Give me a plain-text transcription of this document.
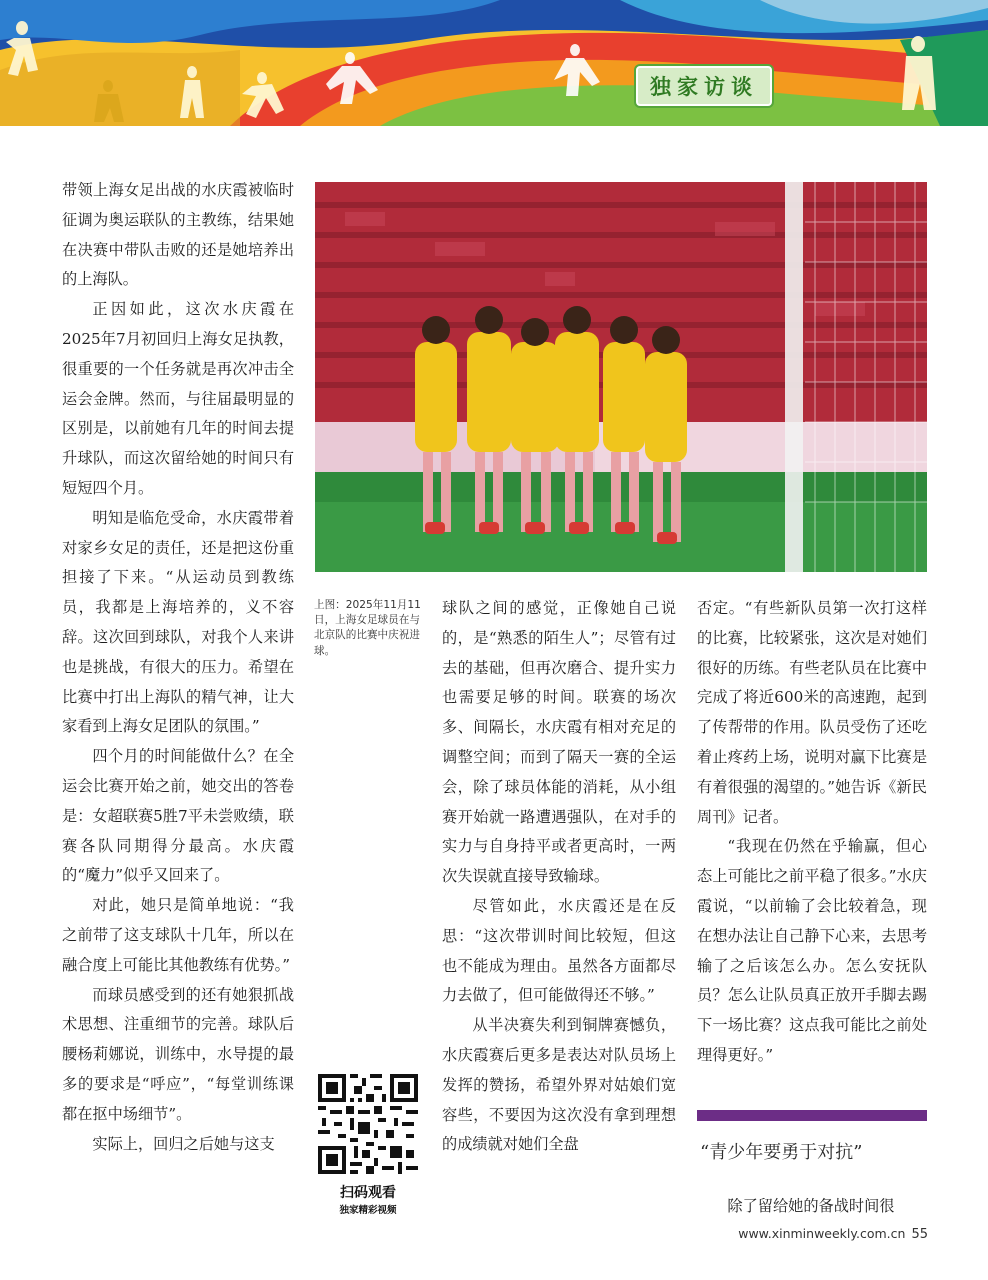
独家访谈

带领上海女足出战的水庆霞被临时征调为奥运联队的主教练，结果她在决赛中带队击败的还是她培养出的上海队。

正因如此，这次水庆霞在2025年7月初回归上海女足执教，很重要的一个任务就是再次冲击全运会金牌。然而，与往届最明显的区别是，以前她有几年的时间去提升球队，而这次留给她的时间只有短短四个月。

明知是临危受命，水庆霞带着对家乡女足的责任，还是把这份重担接了下来。“从运动员到教练员，我都是上海培养的，义不容辞。这次回到球队，对我个人来讲也是挑战，有很大的压力。希望在比赛中打出上海队的精气神，让大家看到上海女足团队的氛围。”

四个月的时间能做什么？在全运会比赛开始之前，她交出的答卷是：女超联赛5胜7平未尝败绩，联赛各队同期得分最高。水庆霞的“魔力”似乎又回来了。

对此，她只是简单地说：“我之前带了这支球队十几年，所以在融合度上可能比其他教练有优势。”

而球员感受到的还有她狠抓战术思想、注重细节的完善。球队后腰杨莉娜说，训练中，水导提的最多的要求是“呼应”，“每堂训练课都在抠中场细节”。

实际上，回归之后她与这支

上图：2025年11月11日，上海女足球员在与北京队的比赛中庆祝进球。

球队之间的感觉，正像她自己说的，是“熟悉的陌生人”；尽管有过去的基础，但再次磨合、提升实力也需要足够的时间。联赛的场次多、间隔长，水庆霞有相对充足的调整空间；而到了隔天一赛的全运会，除了球员体能的消耗，从小组赛开始就一路遭遇强队，在对手的实力与自身持平或者更高时，一两次失误就直接导致输球。

尽管如此，水庆霞还是在反思：“这次带训时间比较短，但这也不能成为理由。虽然各方面都尽力去做了，但可能做得还不够。”

从半决赛失利到铜牌赛憾负，水庆霞赛后更多是表达对队员场上发挥的赞扬，希望外界对姑娘们宽容些，不要因为这次没有拿到理想的成绩就对她们全盘

否定。“有些新队员第一次打这样的比赛，比较紧张，这次是对她们很好的历练。有些老队员在比赛中完成了将近600米的高速跑，起到了传帮带的作用。队员受伤了还吃着止疼药上场，说明对赢下比赛是有着很强的渴望的。”她告诉《新民周刊》记者。

“我现在仍然在乎输赢，但心态上可能比之前平稳了很多。”水庆霞说，“以前输了会比较着急，现在想办法让自己静下心来，去思考输了之后该怎么办。怎么安抚队员？怎么让队员真正放开手脚去踢下一场比赛？这点我可能比之前处理得更好。”

“青少年要勇于对抗”

除了留给她的备战时间很

扫码观看
独家精彩视频
www.xinminweekly.com.cn 55
